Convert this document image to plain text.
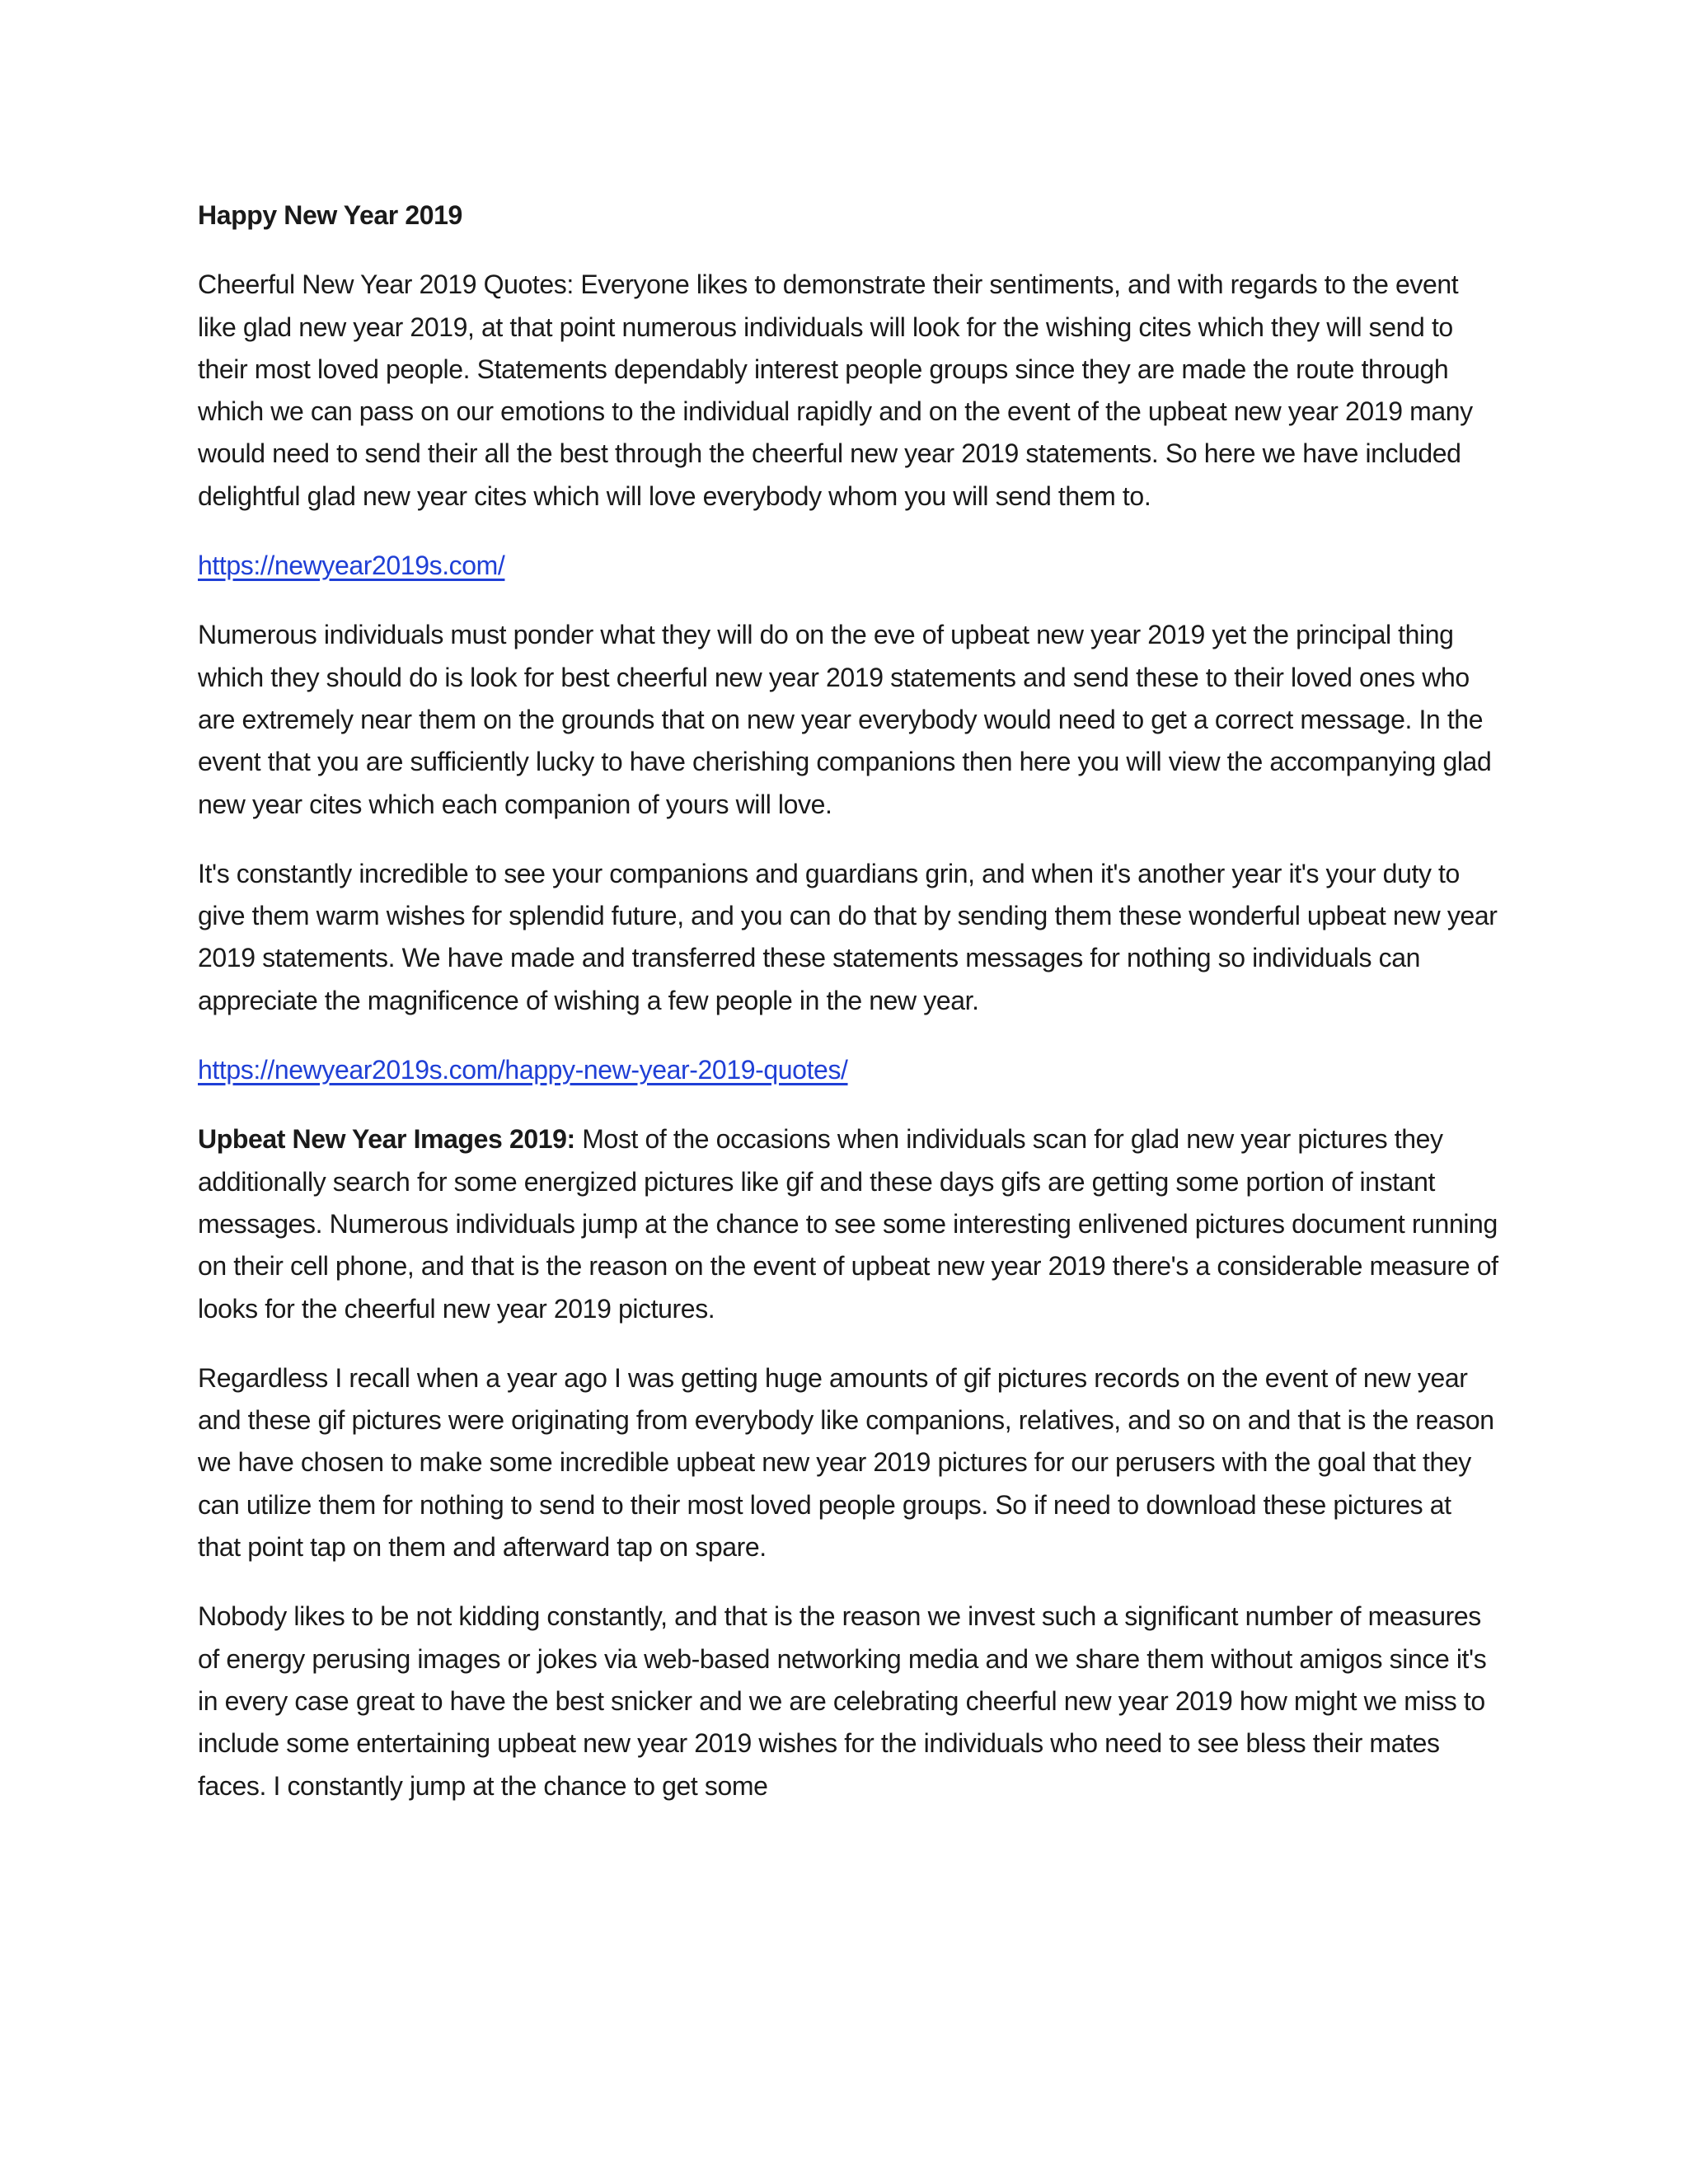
Happy New Year 2019

Cheerful New Year 2019 Quotes: Everyone likes to demonstrate their sentiments, and with regards to the event like glad new year 2019, at that point numerous individuals will look for the wishing cites which they will send to their most loved people. Statements dependably interest people groups since they are made the route through which we can pass on our emotions to the individual rapidly and on the event of the upbeat new year 2019 many would need to send their all the best through the cheerful new year 2019 statements. So here we have included delightful glad new year cites which will love everybody whom you will send them to.

https://newyear2019s.com/

Numerous individuals must ponder what they will do on the eve of upbeat new year 2019 yet the principal thing which they should do is look for best cheerful new year 2019 statements and send these to their loved ones who are extremely near them on the grounds that on new year everybody would need to get a correct message. In the event that you are sufficiently lucky to have cherishing companions then here you will view the accompanying glad new year cites which each companion of yours will love.

It's constantly incredible to see your companions and guardians grin, and when it's another year it's your duty to give them warm wishes for splendid future, and you can do that by sending them these wonderful upbeat new year 2019 statements. We have made and transferred these statements messages for nothing so individuals can appreciate the magnificence of wishing a few people in the new year.

https://newyear2019s.com/happy-new-year-2019-quotes/

Upbeat New Year Images 2019: Most of the occasions when individuals scan for glad new year pictures they additionally search for some energized pictures like gif and these days gifs are getting some portion of instant messages. Numerous individuals jump at the chance to see some interesting enlivened pictures document running on their cell phone, and that is the reason on the event of upbeat new year 2019 there's a considerable measure of looks for the cheerful new year 2019 pictures.

Regardless I recall when a year ago I was getting huge amounts of gif pictures records on the event of new year and these gif pictures were originating from everybody like companions, relatives, and so on and that is the reason we have chosen to make some incredible upbeat new year 2019 pictures for our perusers with the goal that they can utilize them for nothing to send to their most loved people groups. So if need to download these pictures at that point tap on them and afterward tap on spare.

Nobody likes to be not kidding constantly, and that is the reason we invest such a significant number of measures of energy perusing images or jokes via web-based networking media and we share them without amigos since it's in every case great to have the best snicker and we are celebrating cheerful new year 2019 how might we miss to include some entertaining upbeat new year 2019 wishes for the individuals who need to see bless their mates faces. I constantly jump at the chance to get some
